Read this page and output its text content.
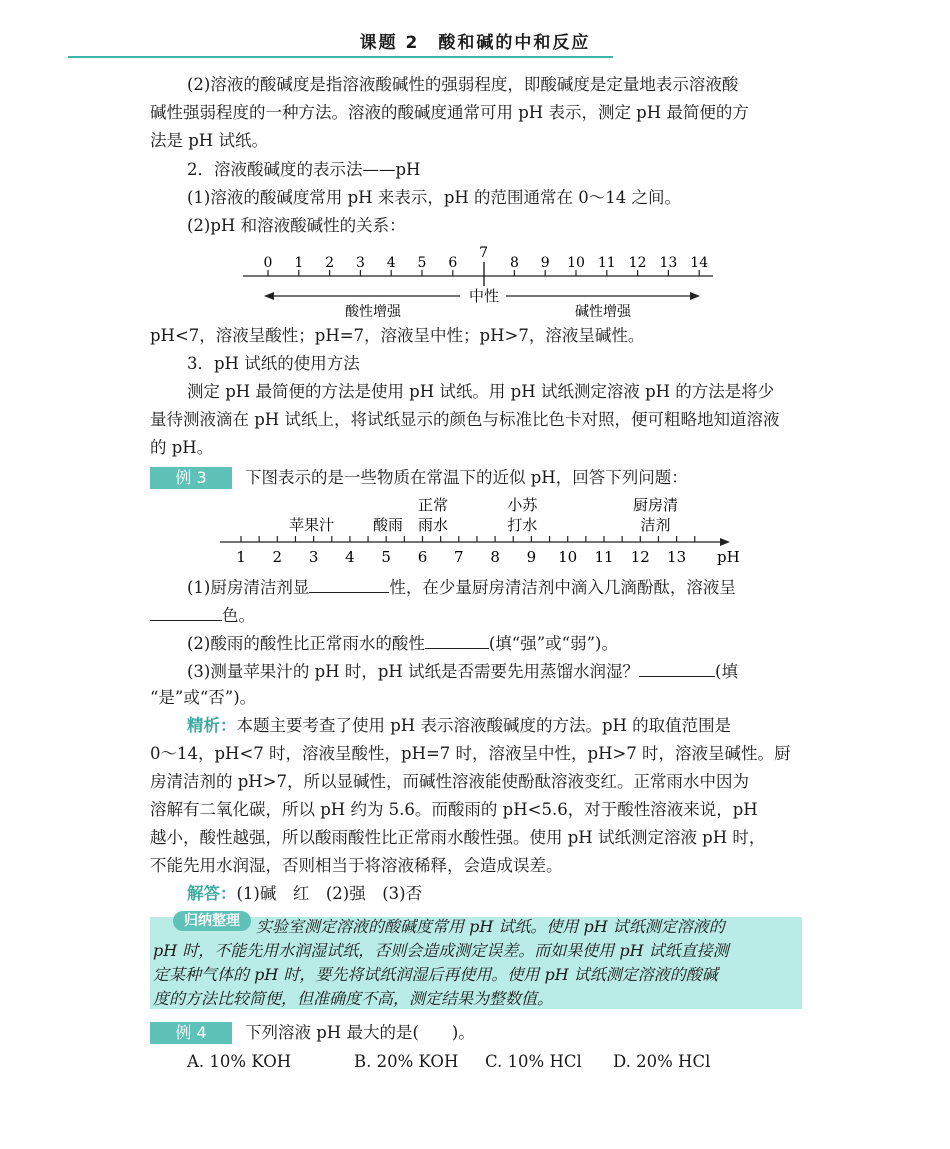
课题 2　酸和碱的中和反应
(2)溶液的酸碱度是指溶液酸碱性的强弱程度，即酸碱度是定量地表示溶液酸
碱性强弱程度的一种方法。溶液的酸碱度通常可用 pH 表示，测定 pH 最简便的方
法是 pH 试纸。
2．溶液酸碱度的表示法——pH
(1)溶液的酸碱度常用 pH 来表示，pH 的范围通常在 0～14 之间。
(2)pH 和溶液酸碱性的关系：
0 1 2 3 4 5 6
7
8 9 10 11 12 13 14
中性
酸性增强	碱性增强
1 2 3 4 5 6 7 8 9 10 11 12 13
苹果汁	酸雨
正常
雨水
小苏
打水
厨房清
洁剂
pH
pH<7，溶液呈酸性；pH=7，溶液呈中性；pH>7，溶液呈碱性。
3．pH 试纸的使用方法
测定 pH 最简便的方法是使用 pH 试纸。用 pH 试纸测定溶液 pH 的方法是将少
量待测液滴在 pH 试纸上，将试纸显示的颜色与标准比色卡对照，便可粗略地知道溶液
的 pH。
例 3	下图表示的是一些物质在常温下的近似 pH，回答下列问题：
(1)厨房清洁剂显	性，在少量厨房清洁剂中滴入几滴酚酞，溶液呈
色。
(2)酸雨的酸性比正常雨水的酸性	(填“强”或“弱”)。
(3)测量苹果汁的 pH 时，pH 试纸是否需要先用蒸馏水润湿？	(填
“是”或“否”)。
精析：本题主要考查了使用 pH 表示溶液酸碱度的方法。pH 的取值范围是
0～14，pH<7 时，溶液呈酸性，pH=7 时，溶液呈中性，pH>7 时，溶液呈碱性。厨
房清洁剂的 pH>7，所以显碱性，而碱性溶液能使酚酞溶液变红。正常雨水中因为
溶解有二氧化碳，所以 pH 约为 5.6。而酸雨的 pH<5.6，对于酸性溶液来说，pH
越小，酸性越强，所以酸雨酸性比正常雨水酸性强。使用 pH 试纸测定溶液 pH 时，
不能先用水润湿，否则相当于将溶液稀释，会造成误差。
解答：(1)碱　红　(2)强　(3)否
归纳整理	实验室测定溶液的酸碱度常用 pH 试纸。使用 pH 试纸测定溶液的
pH 时，不能先用水润湿试纸，否则会造成测定误差。而如果使用 pH 试纸直接测
定某种气体的 pH 时，要先将试纸润湿后再使用。使用 pH 试纸测定溶液的酸碱
度的方法比较简便，但准确度不高，测定结果为整数值。
例 4	下列溶液 pH 最大的是(　　)。
A. 10% KOH	B. 20% KOH	C. 10% HCl	D. 20% HCl
